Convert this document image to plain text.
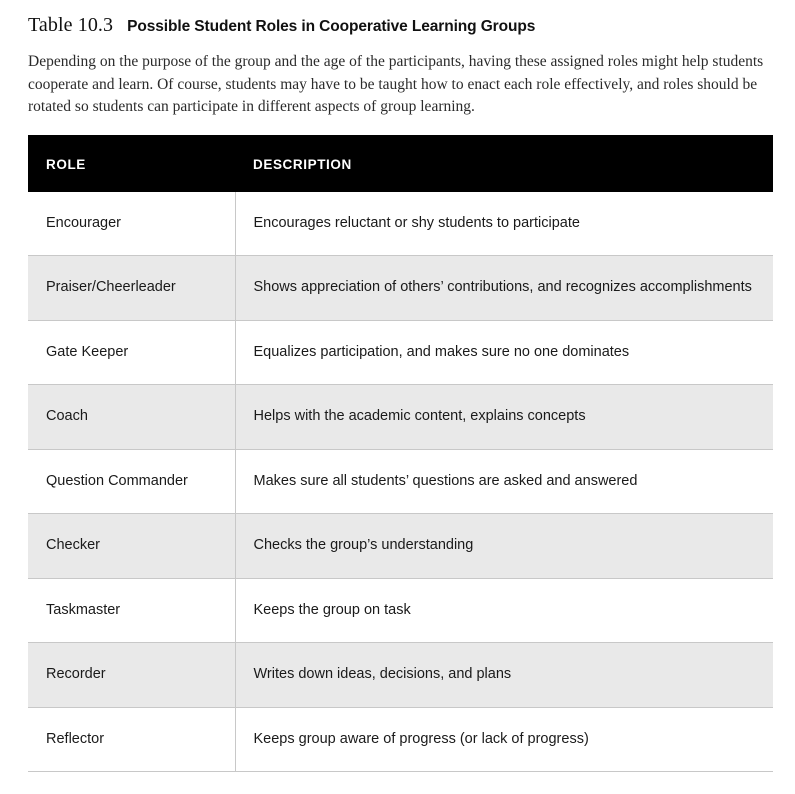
Table 10.3 Possible Student Roles in Cooperative Learning Groups

Depending on the purpose of the group and the age of the participants, having these assigned roles might help students cooperate and learn. Of course, students may have to be taught how to enact each role effectively, and roles should be rotated so students can participate in different aspects of group learning.

ROLE	DESCRIPTION
Encourager	Encourages reluctant or shy students to participate
Praiser/Cheerleader	Shows appreciation of others’ contributions, and recognizes accomplishments
Gate Keeper	Equalizes participation, and makes sure no one dominates
Coach	Helps with the academic content, explains concepts
Question Commander	Makes sure all students’ questions are asked and answered
Checker	Checks the group’s understanding
Taskmaster	Keeps the group on task
Recorder	Writes down ideas, decisions, and plans
Reflector	Keeps group aware of progress (or lack of progress)
